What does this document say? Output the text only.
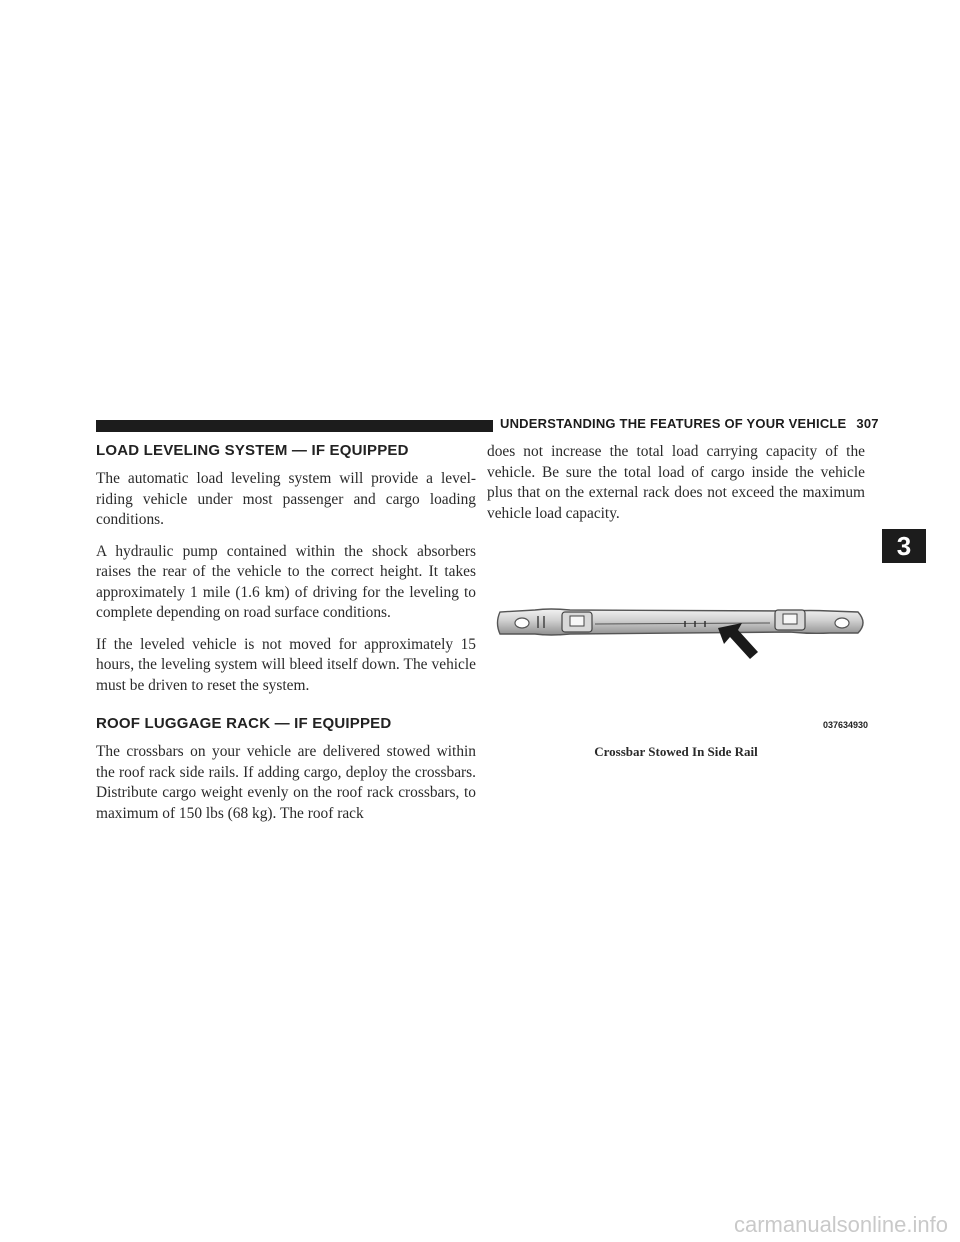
UNDERSTANDING THE FEATURES OF YOUR VEHICLE 307
LOAD LEVELING SYSTEM — IF EQUIPPED

The automatic load leveling system will provide a level-riding vehicle under most passenger and cargo loading conditions.

A hydraulic pump contained within the shock absorbers raises the rear of the vehicle to the correct height. It takes approximately 1 mile (1.6 km) of driving for the leveling to complete depending on road surface conditions.

If the leveled vehicle is not moved for approximately 15 hours, the leveling system will bleed itself down. The vehicle must be driven to reset the system.

ROOF LUGGAGE RACK — IF EQUIPPED

The crossbars on your vehicle are delivered stowed within the roof rack side rails. If adding cargo, deploy the crossbars. Distribute cargo weight evenly on the roof rack crossbars, to maximum of 150 lbs (68 kg). The roof rack

does not increase the total load carrying capacity of the vehicle. Be sure the total load of cargo inside the vehicle plus that on the external rack does not exceed the maximum vehicle load capacity.

3
037634930
Crossbar Stowed In Side Rail
carmanualsonline.info
